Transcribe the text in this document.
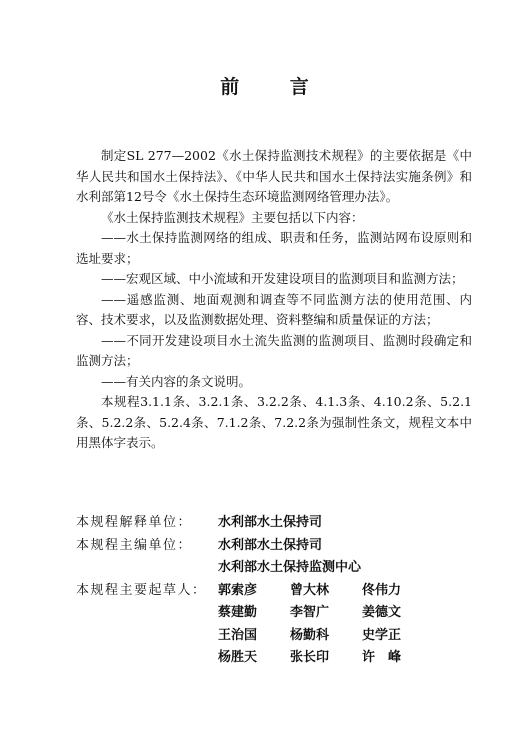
前 言

制定SL 277—2002《水土保持监测技术规程》的主要依据是《中华人民共和国水土保持法》、《中华人民共和国水土保持法实施条例》和水利部第12号令《水土保持生态环境监测网络管理办法》。

《水土保持监测技术规程》主要包括以下内容：

——水土保持监测网络的组成、职责和任务，监测站网布设原则和选址要求；

——宏观区域、中小流域和开发建设项目的监测项目和监测方法；

——遥感监测、地面观测和调查等不同监测方法的使用范围、内容、技术要求，以及监测数据处理、资料整编和质量保证的方法；

——不同开发建设项目水土流失监测的监测项目、监测时段确定和监测方法；

——有关内容的条文说明。

本规程3.1.1条、3.2.1条、3.2.2条、4.1.3条、4.10.2条、5.2.1条、5.2.2条、5.2.4条、7.1.2条、7.2.2条为强制性条文，规程文本中用黑体字表示。

本规程解释单位：	水利部水土保持司
本规程主编单位：	水利部水土保持司
水利部水土保持监测中心
本规程主要起草人： 郭索彦	曾大林	佟伟力
蔡建勤	李智广	姜德文
王治国	杨勤科	史学正
杨胜天	张长印	许　峰
